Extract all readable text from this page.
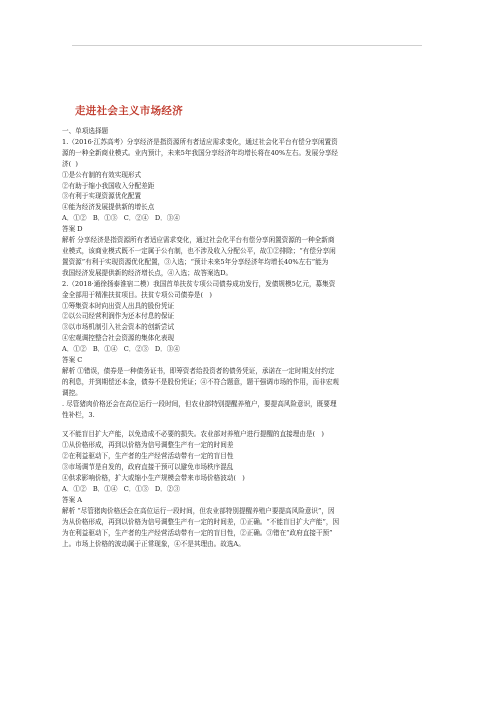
走进社会主义市场经济

一、单项选择题

1.（2016·江苏高考）分享经济是指资源所有者适应需求变化，通过社会化平台有偿分享闲置资

源的一种全新商业模式。业内预计，未来5年我国分享经济年均增长将在40%左右。发展分享经

济(  )

①是公有制的有效实现形式

②有助于缩小我国收入分配差距

③有利于实现资源优化配置

④能为经济发展提供新的增长点

A．①②   B．①③   C．②④   D．③④

答案 D

解析 分享经济是指资源所有者适应需求变化，通过社会化平台有偿分享闲置资源的一种全新商

业模式，该商业模式既不一定属于公有制，也不涉及收入分配公平，故①②排除；“有偿分享闲

置资源”有利于实现资源优化配置，③入选；“预计未来5年分享经济年均增长40%左右”能为

我国经济发展提供新的经济增长点，④入选；故答案选D。

2.（2018·通徐扬泰淮宿二模）我国首单扶贫专项公司债券成功发行，发债规模5亿元，募集资

金全部用于精准扶贫项目。扶贫专项公司债券是(   )

①筹集资本时向出资人出具的股份凭证

②以公司经营利润作为还本付息的保证

③以市场机制引入社会资本的创新尝试

④宏观调控整合社会资源的集体化表现

A．①②   B．①④   C．②③   D．③④

答案 C

解析 ①错误，债券是一种债务证书，即筹资者给投资者的债务凭证，承诺在一定时期支付约定

的利息，并到期偿还本金，债券不是股份凭证；④不符合题意，题干强调市场的作用，而非宏观

调控。

. 尽管猪肉价格还会在高位运行一段时间，但农业部特别提醒养殖户，要提高风险意识，既要理

性补栏，3.

又不能盲目扩大产能，以免造成不必要的损失。农业部对养殖户进行提醒的直接理由是(   )

①从价格形成，再到以价格为信号调整生产有一定的时间差

②在利益驱动下，生产者的生产经营活动带有一定的盲目性

③市场调节是自发的，政府直接干预可以避免市场秩序混乱

④供求影响价格，扩大或缩小生产规模会带来市场价格波动(   )

A．①②   B．①④   C．①③   D．②③

答案 A

解析 “尽管猪肉价格还会在高位运行一段时间，但农业部特别提醒养殖户要提高风险意识”，因

为从价格形成，再到以价格为信号调整生产有一定的时间差，①正确。“不能盲目扩大产能”，因

为在利益驱动下，生产者的生产经营活动带有一定的盲目性，②正确。③错在“政府直接干预”

上。市场上价格的波动属于正常现象，④不是其理由。故选A。
